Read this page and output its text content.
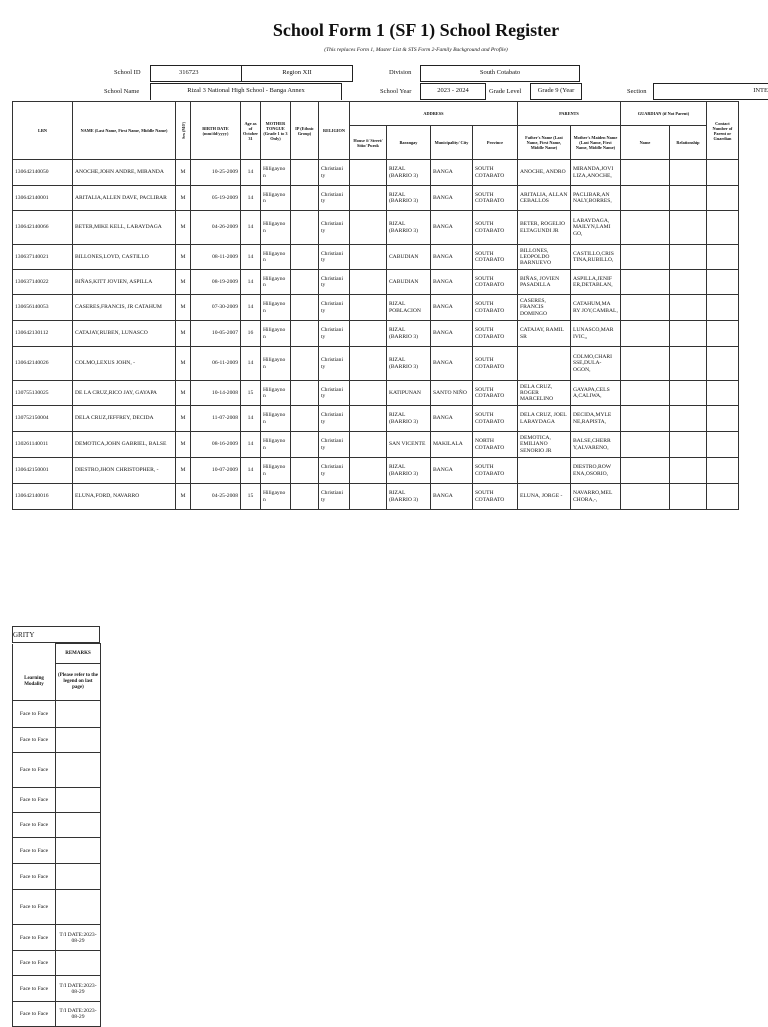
School Form 1 (SF 1) School Register
(This replaces Form 1, Master List & STS Form 2-Family Background and Profile)
School ID	316723	Region XII	Division	South Cotabato
School Name	Rizal 3 National High School - Banga Annex	School Year	2023 - 2024	Grade Level	Grade 9 (Year	Section	INTE
LRN	NAME (Last Name, First Name, Middle Name)	Sex (M/F)	BIRTH DATE (mm/dd/yyyy)	Age as of October 31	MOTHER TONGUE (Grade 1 to 3 Only)	IP (Ethnic Group)	RELIGION	ADDRESS				PARENTS		GUARDIAN (if Not Parent)		Contact Number of Parent or Guardian
								House #/ Street/ Sitio/ Purok	Barangay	Municipality/ City	Province	Father's Name (Last Name, First Name, Middle Name)	Mother's Maiden Name (Last Name, First Name, Middle Name)	Name	Relationship	
130642140050	ANOCHE,JOHN ANDRE, MIRANDA	M	10-25-2009	14	Hiligayno n		Christiani ty		RIZAL (BARRIO 3)	BANGA	SOUTH COTABATO	ANOCHE, ANDRO	MIRANDA,JOVI LIZA,ANOCHE,			
130642140001	ARITALIA,ALLEN DAVE, PACLIBAR	M	05-19-2009	14	Hiligayno n		Christiani ty		RIZAL (BARRIO 3)	BANGA	SOUTH COTABATO	ARITALIA, ALLAN CEBALLOS	PACLIBAR,AN NALY,BORRES,			
130642140066	BETER,MIKE KELL, LABAYDAGA	M	04-26-2009	14	Hiligayno n		Christiani ty		RIZAL (BARRIO 3)	BANGA	SOUTH COTABATO	BETER, ROGELIO ELTAGUNDI JR	LABAYDAGA, MAILYN,LAMI GO,			
130637140021	BILLONES,LOYD, CASTILLO	M	08-11-2009	14	Hiligayno n		Christiani ty		CABUDIAN	BANGA	SOUTH COTABATO	BILLONES, LEOPOLDO BARNUEVO	CASTILLO,CRIS TINA,RUBILLO,			
130637140022	BIÑAS,KITT JOVIEN, ASPILLA	M	08-19-2009	14	Hiligayno n		Christiani ty		CABUDIAN	BANGA	SOUTH COTABATO	BIÑAS, JOVIEN PASADILLA	ASPILLA,JENIF ER,DETABLAN,			
130656140053	CASERES,FRANCIS, JR CATAHUM	M	07-30-2009	14	Hiligayno n		Christiani ty		RIZAL POBLACION	BANGA	SOUTH COTABATO	CASERES, FRANCIS DOMINGO	CATAHUM,MA RY JOY,CAMBAL,			
130642130112	CATAJAY,RUBEN, LUNASCO	M	10-05-2007	16	Hiligayno n		Christiani ty		RIZAL (BARRIO 3)	BANGA	SOUTH COTABATO	CATAJAY, RAMIL SR	LUNASCO,MAR IVIC,,			
130642140026	COLMO,LEXUS JOHN, -	M	06-11-2009	14	Hiligayno n		Christiani ty		RIZAL (BARRIO 3)	BANGA	SOUTH COTABATO		COLMO,CHARI SSE,DULA- OGON,			
130755130025	DE LA CRUZ,RICO JAY, GAYAPA	M	10-14-2008	15	Hiligayno n		Christiani ty		KATIPUNAN	SANTO NIÑO	SOUTH COTABATO	DELA CRUZ, ROGER MARCELINO	GAYAPA,CELS A,CALIWA,			
130752150004	DELA CRUZ,JEFFREY, DECIDA	M	11-07-2008	14	Hiligayno n		Christiani ty		RIZAL (BARRIO 3)	BANGA	SOUTH COTABATO	DELA CRUZ, JOEL LABAYDAGA	DECIDA,MYLE NE,RAPISTA,			
130261140011	DEMOTICA,JOHN GABRIEL, BALSE	M	08-16-2009	14	Hiligayno n		Christiani ty		SAN VICENTE	MAKILALA	NORTH COTABATO	DEMOTICA, EMILIANO SENORIO JR	BALSE,CHERR Y,ALVARENO,			
130642150001	DIESTRO,JHON CHRISTOPHER, -	M	10-07-2009	14	Hiligayno n		Christiani ty		RIZAL (BARRIO 3)	BANGA	SOUTH COTABATO		DIESTRO,ROW ENA,OSORIO,			
130642140016	ELUNA,FORD, NAVARRO	M	04-25-2008	15	Hiligayno n		Christiani ty		RIZAL (BARRIO 3)	BANGA	SOUTH COTABATO	ELUNA, JORGE -	NAVARRO,MEL CHORA,-,			
GRITY
	REMARKS
Learning Modality	(Please refer to the legend on last page)
Face to Face	
Face to Face	
Face to Face	
Face to Face	
Face to Face	
Face to Face	
Face to Face	
Face to Face	
Face to Face	T/I DATE:2023- 08-29
Face to Face	
Face to Face	T/I DATE:2023- 08-29
Face to Face	T/I DATE:2023- 08-29
